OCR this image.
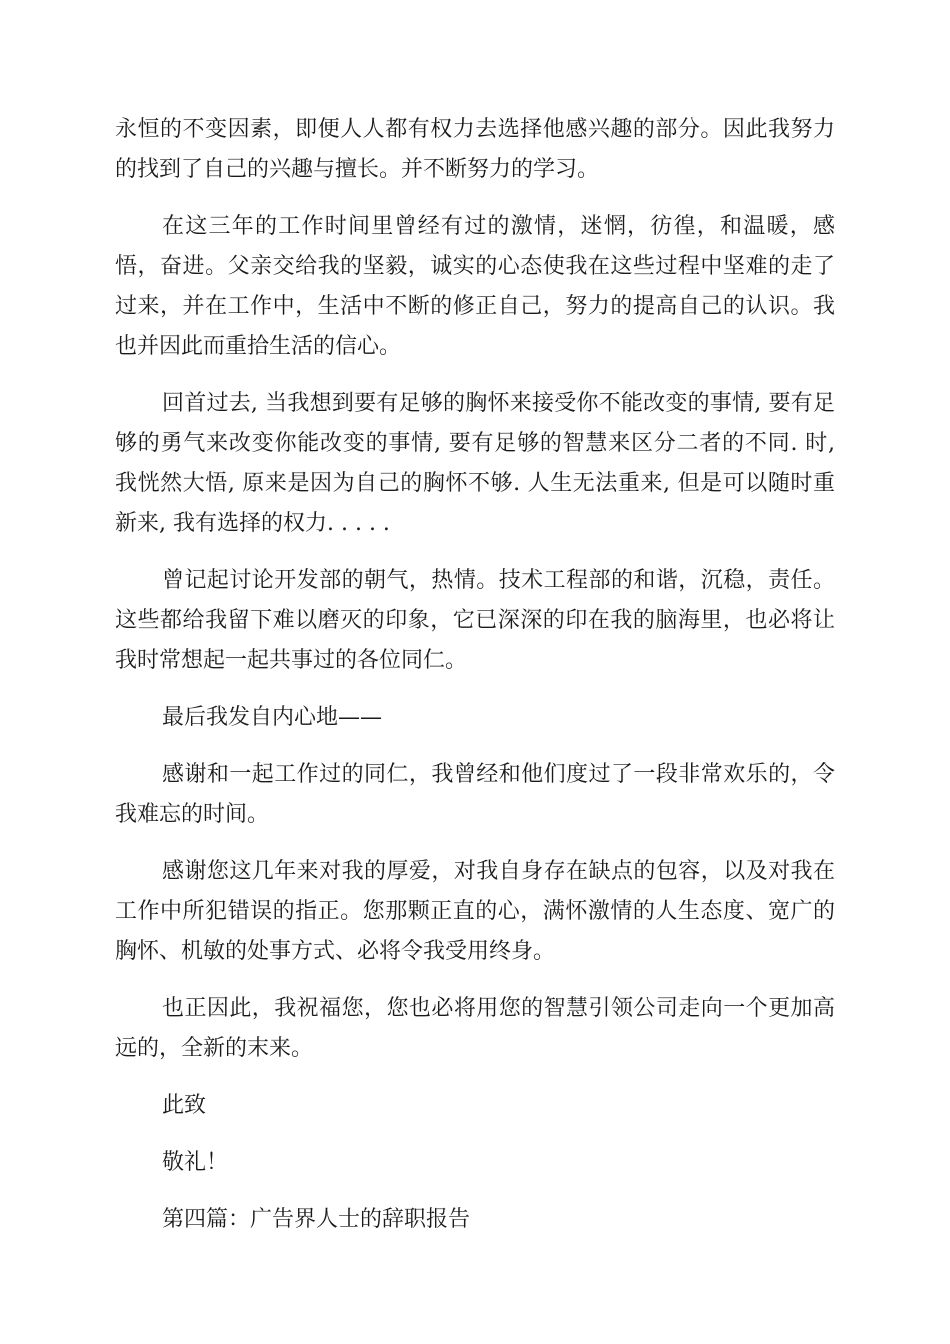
永恒的不变因素，即便人人都有权力去选择他感兴趣的部分。因此我努力的找到了自己的兴趣与擅长。并不断努力的学习。

在这三年的工作时间里曾经有过的激情，迷惘，彷徨，和温暖，感悟，奋进。父亲交给我的坚毅，诚实的心态使我在这些过程中坚难的走了过来，并在工作中，生活中不断的修正自己，努力的提高自己的认识。我也并因此而重拾生活的信心。

回首过去, 当我想到要有足够的胸怀来接受你不能改变的事情, 要有足够的勇气来改变你能改变的事情, 要有足够的智慧来区分二者的不同. 时, 我恍然大悟, 原来是因为自己的胸怀不够. 人生无法重来, 但是可以随时重新来, 我有选择的权力. . . . .

曾记起讨论开发部的朝气，热情。技术工程部的和谐，沉稳，责任。这些都给我留下难以磨灭的印象，它已深深的印在我的脑海里，也必将让我时常想起一起共事过的各位同仁。

最后我发自内心地——

感谢和一起工作过的同仁，我曾经和他们度过了一段非常欢乐的，令我难忘的时间。

感谢您这几年来对我的厚爱，对我自身存在缺点的包容，以及对我在工作中所犯错误的指正。您那颗正直的心，满怀激情的人生态度、宽广的胸怀、机敏的处事方式、必将令我受用终身。

也正因此，我祝福您，您也必将用您的智慧引领公司走向一个更加高远的，全新的末来。

此致

敬礼！

第四篇：广告界人士的辞职报告
